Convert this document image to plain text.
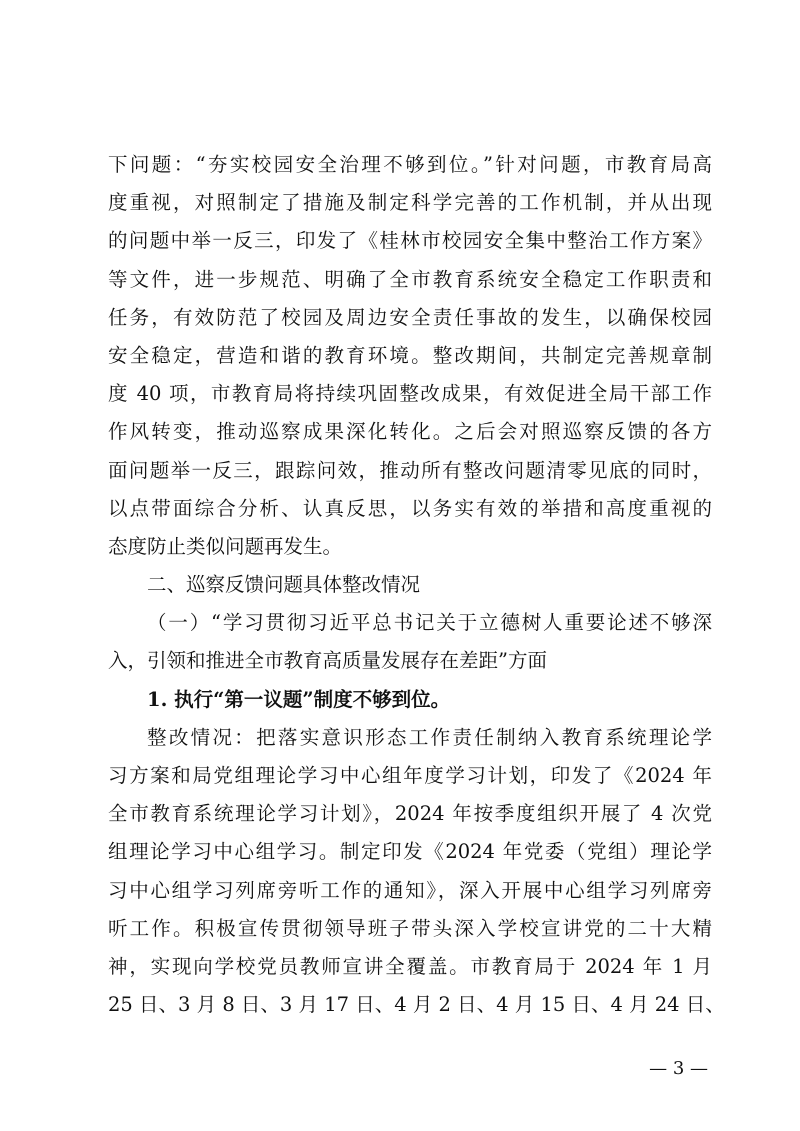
下问题：“夯实校园安全治理不够到位。”针对问题，市教育局高
度重视，对照制定了措施及制定科学完善的工作机制，并从出现
的问题中举一反三，印发了《桂林市校园安全集中整治工作方案》
等文件，进一步规范、明确了全市教育系统安全稳定工作职责和
任务，有效防范了校园及周边安全责任事故的发生，以确保校园
安全稳定，营造和谐的教育环境。整改期间，共制定完善规章制
度 40 项，市教育局将持续巩固整改成果，有效促进全局干部工作
作风转变，推动巡察成果深化转化。之后会对照巡察反馈的各方
面问题举一反三，跟踪问效，推动所有整改问题清零见底的同时，
以点带面综合分析、认真反思，以务实有效的举措和高度重视的
态度防止类似问题再发生。
二、巡察反馈问题具体整改情况
（一）“学习贯彻习近平总书记关于立德树人重要论述不够深
入，引领和推进全市教育高质量发展存在差距”方面
1. 执行“第一议题”制度不够到位。
整改情况：把落实意识形态工作责任制纳入教育系统理论学
习方案和局党组理论学习中心组年度学习计划，印发了《2024 年
全市教育系统理论学习计划》，2024 年按季度组织开展了 4 次党
组理论学习中心组学习。制定印发《2024 年党委（党组）理论学
习中心组学习列席旁听工作的通知》，深入开展中心组学习列席旁
听工作。积极宣传贯彻领导班子带头深入学校宣讲党的二十大精
神，实现向学校党员教师宣讲全覆盖。市教育局于 2024 年 1 月
25 日、3 月 8 日、3 月 17 日、4 月 2 日、4 月 15 日、4 月 24 日、
— 3 —
